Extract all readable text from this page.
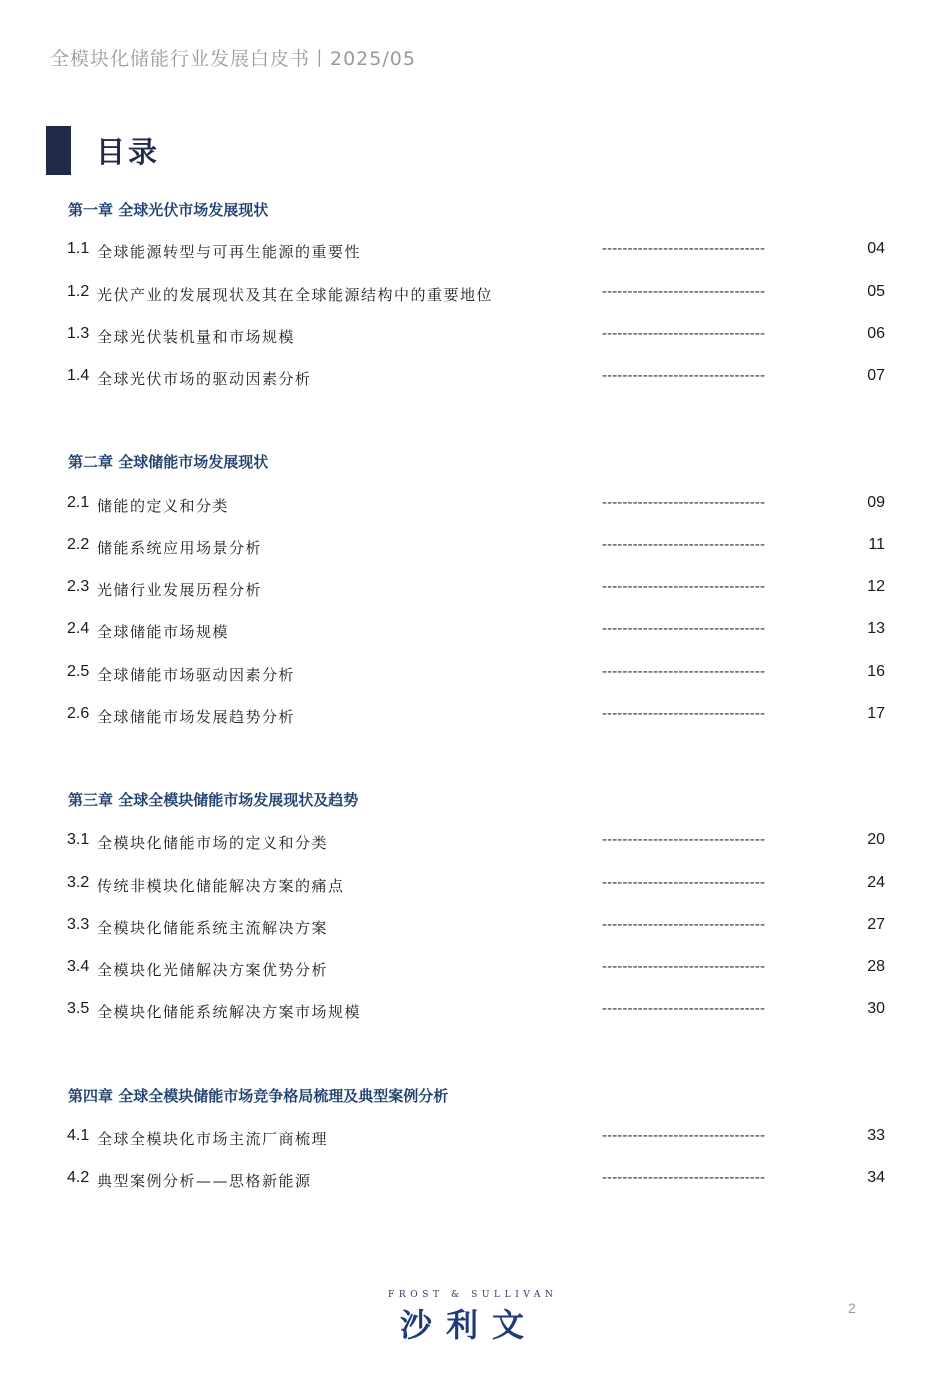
全模块化储能行业发展白皮书丨2025/05
目录
第一章 全球光伏市场发展现状
1.1 全球能源转型与可再生能源的重要性	--------------------------------	04
1.2 光伏产业的发展现状及其在全球能源结构中的重要地位	--------------------------------	05
1.3 全球光伏装机量和市场规模	--------------------------------	06
1.4 全球光伏市场的驱动因素分析	--------------------------------	07
第二章 全球储能市场发展现状
2.1 储能的定义和分类	--------------------------------	09
2.2 储能系统应用场景分析	--------------------------------	11
2.3 光储行业发展历程分析	--------------------------------	12
2.4 全球储能市场规模	--------------------------------	13
2.5 全球储能市场驱动因素分析	--------------------------------	16
2.6 全球储能市场发展趋势分析	--------------------------------	17
第三章 全球全模块储能市场发展现状及趋势
3.1 全模块化储能市场的定义和分类	--------------------------------	20
3.2 传统非模块化储能解决方案的痛点	--------------------------------	24
3.3 全模块化储能系统主流解决方案	--------------------------------	27
3.4 全模块化光储解决方案优势分析	--------------------------------	28
3.5 全模块化储能系统解决方案市场规模	--------------------------------	30
第四章 全球全模块储能市场竞争格局梳理及典型案例分析
4.1 全球全模块化市场主流厂商梳理	--------------------------------	33
4.2 典型案例分析——思格新能源	--------------------------------	34
FROST & SULLIVAN
沙利文	2
